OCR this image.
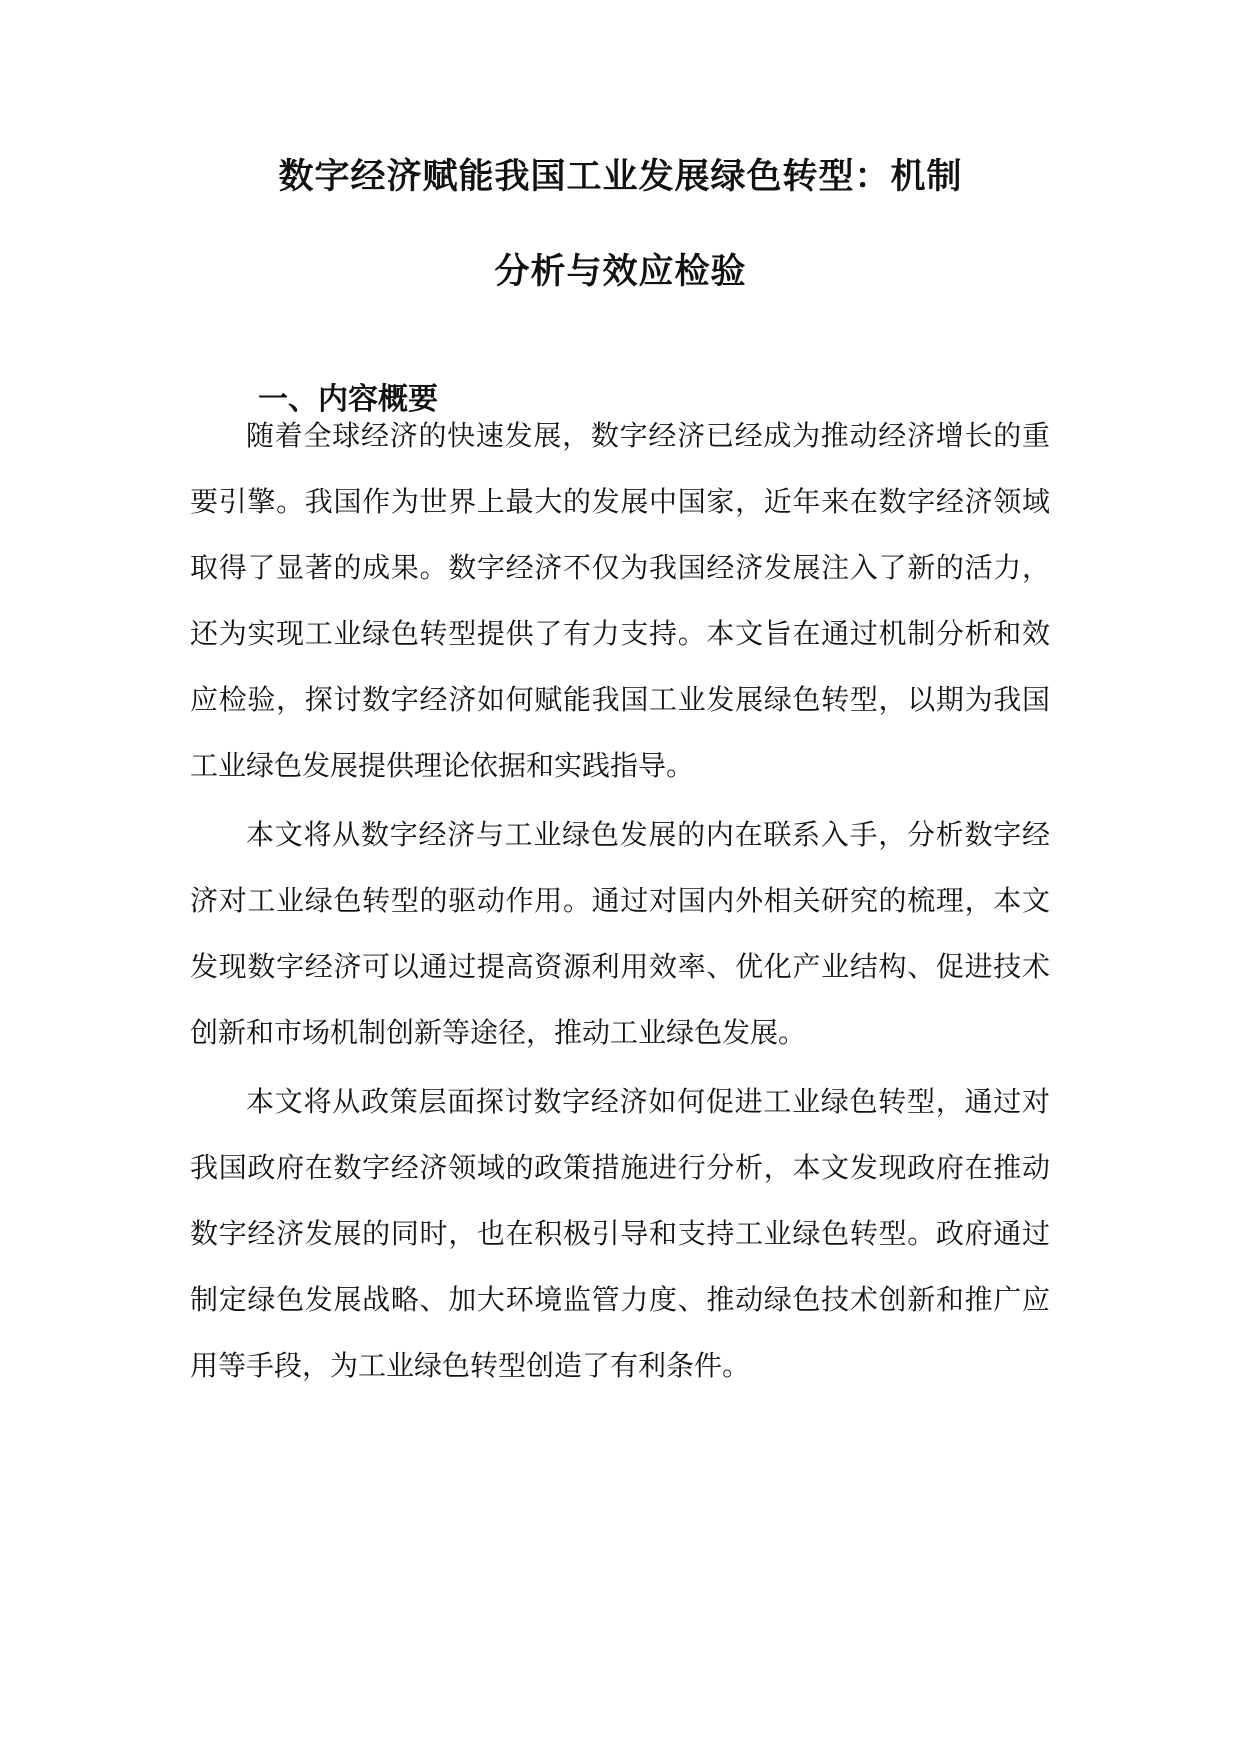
数字经济赋能我国工业发展绿色转型：机制
分析与效应检验
一、内容概要
随着全球经济的快速发展，数字经济已经成为推动经济增长的重
要引擎。我国作为世界上最大的发展中国家，近年来在数字经济领域
取得了显著的成果。数字经济不仅为我国经济发展注入了新的活力，
还为实现工业绿色转型提供了有力支持。本文旨在通过机制分析和效
应检验，探讨数字经济如何赋能我国工业发展绿色转型，以期为我国
工业绿色发展提供理论依据和实践指导。
本文将从数字经济与工业绿色发展的内在联系入手，分析数字经
济对工业绿色转型的驱动作用。通过对国内外相关研究的梳理，本文
发现数字经济可以通过提高资源利用效率、优化产业结构、促进技术
创新和市场机制创新等途径，推动工业绿色发展。
本文将从政策层面探讨数字经济如何促进工业绿色转型，通过对
我国政府在数字经济领域的政策措施进行分析，本文发现政府在推动
数字经济发展的同时，也在积极引导和支持工业绿色转型。政府通过
制定绿色发展战略、加大环境监管力度、推动绿色技术创新和推广应
用等手段，为工业绿色转型创造了有利条件。
